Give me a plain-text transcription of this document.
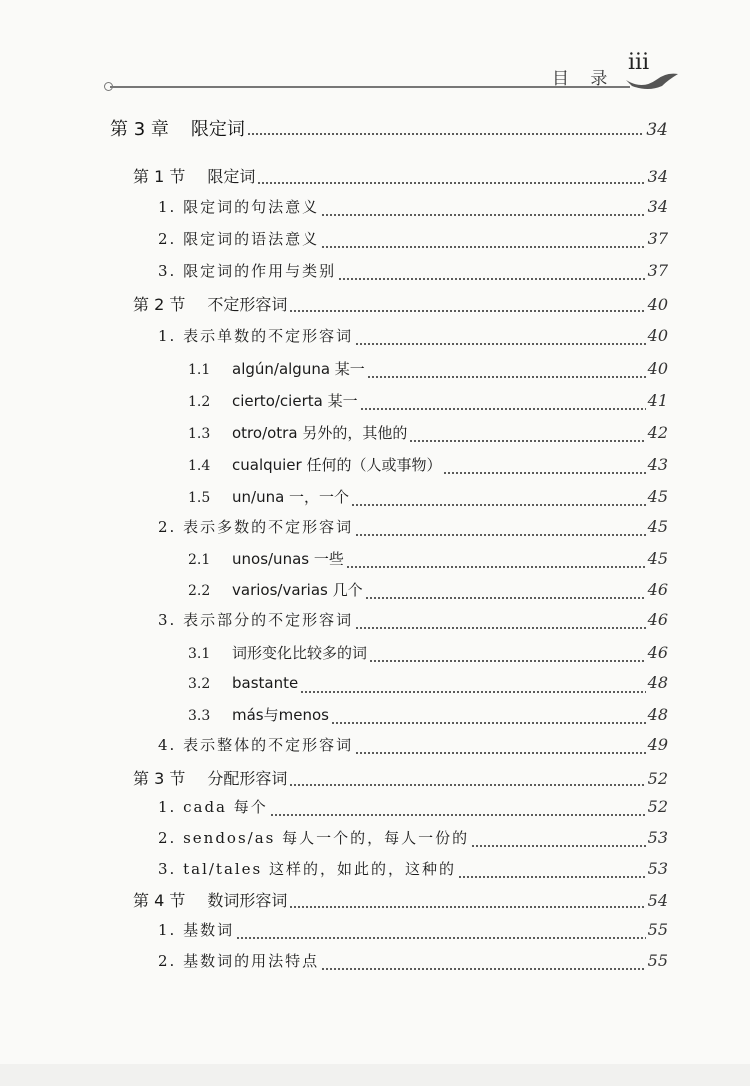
目 录
iii
第 3 章 限定词	34
第 1 节 限定词	34
1. 限定词的句法意义	34
2. 限定词的语法意义	37
3. 限定词的作用与类别	37
第 2 节 不定形容词	40
1. 表示单数的不定形容词	40
1.1 algún/alguna 某一	40
1.2 cierto/cierta 某一	41
1.3 otro/otra 另外的，其他的	42
1.4 cualquier 任何的（人或事物）	43
1.5 un/una 一，一个	45
2. 表示多数的不定形容词	45
2.1 unos/unas 一些	45
2.2 varios/varias 几个	46
3. 表示部分的不定形容词	46
3.1 词形变化比较多的词	46
3.2 bastante	48
3.3 más与menos	48
4. 表示整体的不定形容词	49
第 3 节 分配形容词	52
1. cada 每个	52
2. sendos/as 每人一个的，每人一份的	53
3. tal/tales 这样的，如此的，这种的	53
第 4 节 数词形容词	54
1. 基数词	55
2. 基数词的用法特点	55
